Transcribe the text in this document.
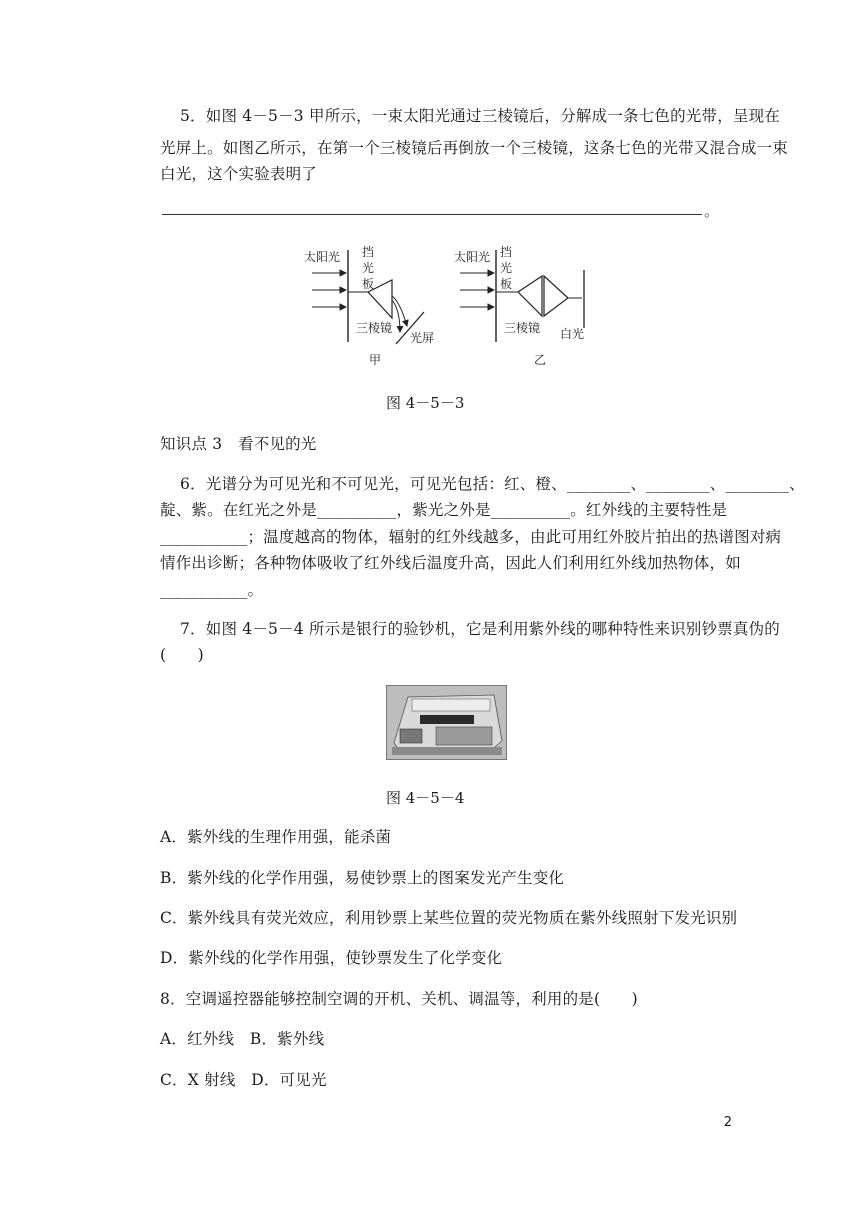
5．如图 4－5－3 甲所示，一束太阳光通过三棱镜后，分解成一条七色的光带，呈现在
光屏上。如图乙所示，在第一个三棱镜后再倒放一个三棱镜，这条七色的光带又混合成一束
白光，这个实验表明了
。
太阳光 挡
光
板
三棱镜
光屏
甲
太阳光 挡
光
板
三棱镜 白光
乙
图 4－5－3
知识点 3　看不见的光
6．光谱分为可见光和不可见光，可见光包括：红、橙、________、________、________、
靛、紫。在红光之外是__________，紫光之外是__________。红外线的主要特性是
___________；温度越高的物体，辐射的红外线越多，由此可用红外胶片拍出的热谱图对病
情作出诊断；各种物体吸收了红外线后温度升高，因此人们利用红外线加热物体，如
___________。
7．如图 4－5－4 所示是银行的验钞机，它是利用紫外线的哪种特性来识别钞票真伪的
(　　)
图 4－5－4
A．紫外线的生理作用强，能杀菌
B．紫外线的化学作用强，易使钞票上的图案发光产生变化
C．紫外线具有荧光效应，利用钞票上某些位置的荧光物质在紫外线照射下发光识别
D．紫外线的化学作用强，使钞票发生了化学变化
8．空调遥控器能够控制空调的开机、关机、调温等，利用的是(　　)
A．红外线　B．紫外线
C．X 射线　D．可见光
2
